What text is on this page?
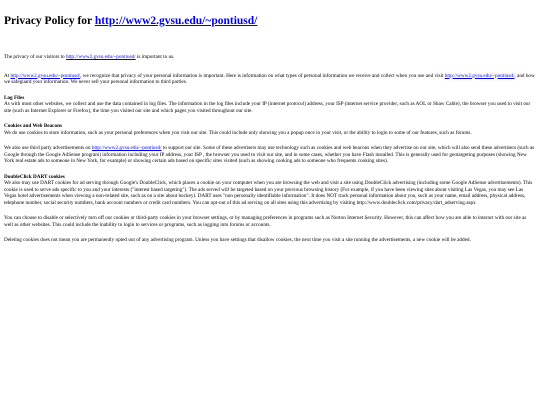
Privacy Policy for http://www2.gvsu.edu/~pontiusd/

The privacy of our visitors to http://www2.gvsu.edu/~pontiusd/ is important to us.

At http://www2.gvsu.edu/~pontiusd/, we recognize that privacy of your personal information is important. Here is information on what types of personal information we receive and collect when you use and visit http://www2.gvsu.edu/~pontiusd/, and how we safeguard your information. We never sell your personal information to third parties.

Log Files
As with most other websites, we collect and use the data contained in log files. The information in the log files include your IP (internet protocol) address, your ISP (internet service provider, such as AOL or Shaw Cable), the browser you used to visit our site (such as Internet Explorer or Firefox), the time you visited our site and which pages you visited throughout our site.

Cookies and Web Beacons
We do use cookies to store information, such as your personal preferences when you visit our site. This could include only showing you a popup once in your visit, or the ability to login to some of our features, such as forums.

We also use third party advertisements on http://www2.gvsu.edu/~pontiusd/ to support our site. Some of these advertisers may use technology such as cookies and web beacons when they advertise on our site, which will also send these advertisers (such as Google through the Google AdSense program) information including your IP address, your ISP , the browser you used to visit our site, and in some cases, whether you have Flash installed. This is generally used for geotargeting purposes (showing New York real estate ads to someone in New York, for example) or showing certain ads based on specific sites visited (such as showing cooking ads to someone who frequents cooking sites).

DoubleClick DART cookies
We also may use DART cookies for ad serving through Google's DoubleClick, which places a cookie on your computer when you are browsing the web and visit a site using DoubleClick advertising (including some Google AdSense advertisements). This cookie is used to serve ads specific to you and your interests ("interest based targeting"). The ads served will be targeted based on your previous browsing history (For example, if you have been viewing sites about visiting Las Vegas, you may see Las Vegas hotel advertisements when viewing a non-related site, such as on a site about hockey). DART uses "non personally identifiable information". It does NOT track personal information about you, such as your name, email address, physical address, telephone number, social security numbers, bank account numbers or credit card numbers. You can opt-out of this ad serving on all sites using this advertising by visiting http://www.doubleclick.com/privacy/dart_adserving.aspx

You can choose to disable or selectively turn off our cookies or third-party cookies in your browser settings, or by managing preferences in programs such as Norton Internet Security. However, this can affect how you are able to interact with our site as well as other websites. This could include the inability to login to services or programs, such as logging into forums or accounts.

Deleting cookies does not mean you are permanently opted out of any advertising program. Unless you have settings that disallow cookies, the next time you visit a site running the advertisements, a new cookie will be added.
